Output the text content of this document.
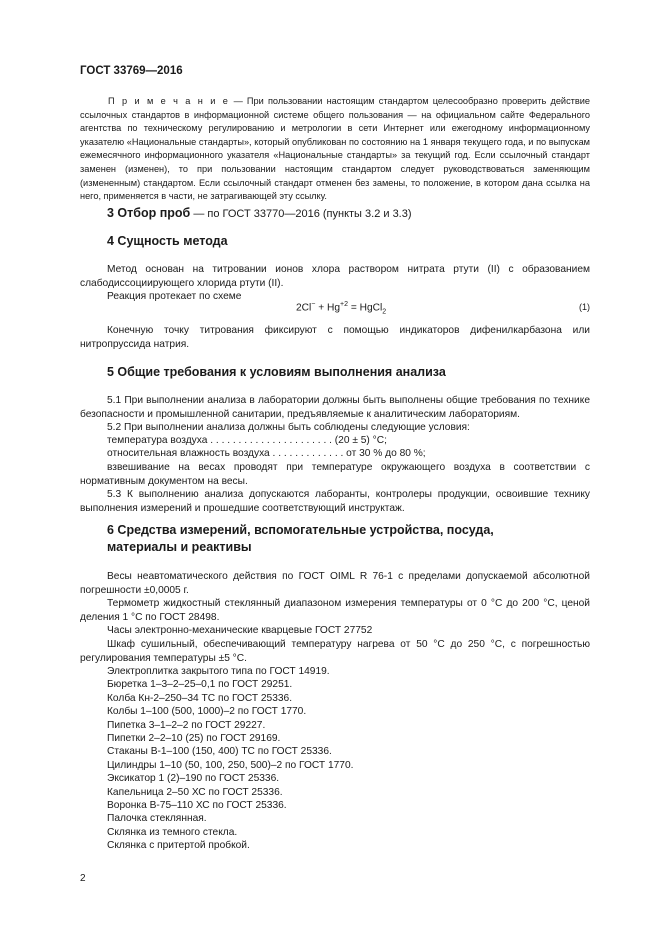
ГОСТ 33769—2016
П р и м е ч а н и е — При пользовании настоящим стандартом целесообразно проверить действие ссылочных стандартов в информационной системе общего пользования — на официальном сайте Федерального агентства по техническому регулированию и метрологии в сети Интернет или ежегодному информационному указателю «Национальные стандарты», который опубликован по состоянию на 1 января текущего года, и по выпускам ежемесячного информационного указателя «Национальные стандарты» за текущий год. Если ссылочный стандарт заменен (изменен), то при пользовании настоящим стандартом следует руководствоваться заменяющим (измененным) стандартом. Если ссылочный стандарт отменен без замены, то положение, в котором дана ссылка на него, применяется в части, не затрагивающей эту ссылку.
3 Отбор проб — по ГОСТ 33770—2016 (пункты 3.2 и 3.3)
4 Сущность метода
Метод основан на титровании ионов хлора раствором нитрата ртути (II) с образованием слабодиссоциирующего хлорида ртути (II).
Реакция протекает по схеме
$2Cl^- + Hg^{+2}$ = HgCl$_2$	(1)
Конечную точку титрования фиксируют с помощью индикаторов дифенилкарбазона или нитропруссида натрия.
5 Общие требования к условиям выполнения анализа
5.1 При выполнении анализа в лаборатории должны быть выполнены общие требования по технике безопасности и промышленной санитарии, предъявляемые к аналитическим лабораториям.
5.2 При выполнении анализа должны быть соблюдены следующие условия:
температура воздуха . . . . . . . . . . . . . . . . . . . . . . (20 ± 5) °C;
относительная влажность воздуха . . . . . . . . . . . . . от 30 % до 80 %;
взвешивание на весах проводят при температуре окружающего воздуха в соответствии с нормативным документом на весы.
5.3 К выполнению анализа допускаются лаборанты, контролеры продукции, освоившие технику выполнения измерений и прошедшие соответствующий инструктаж.
6 Средства измерений, вспомогательные устройства, посуда,
материалы и реактивы
Весы неавтоматического действия по ГОСТ OIML R 76-1 с пределами допускаемой абсолютной погрешности ±0,0005 г.
Термометр жидкостный стеклянный диапазоном измерения температуры от 0 °C до 200 °C, ценой деления 1 °C по ГОСТ 28498.
Часы электронно-механические кварцевые ГОСТ 27752
Шкаф сушильный, обеспечивающий температуру нагрева от 50 °C до 250 °C, с погрешностью регулирования температуры ±5 °C.
Электроплитка закрытого типа по ГОСТ 14919.
Бюретка 1–3–2–25–0,1 по ГОСТ 29251.
Колба Кн-2–250–34 ТС по ГОСТ 25336.
Колбы 1–100 (500, 1000)–2 по ГОСТ 1770.
Пипетка 3–1–2–2 по ГОСТ 29227.
Пипетки 2–2–10 (25) по ГОСТ 29169.
Стаканы В-1–100 (150, 400) ТС по ГОСТ 25336.
Цилиндры 1–10 (50, 100, 250, 500)–2 по ГОСТ 1770.
Эксикатор 1 (2)–190 по ГОСТ 25336.
Капельница 2–50 ХС по ГОСТ 25336.
Воронка В-75–110 ХС по ГОСТ 25336.
Палочка стеклянная.
Склянка из темного стекла.
Склянка с притертой пробкой.
2
